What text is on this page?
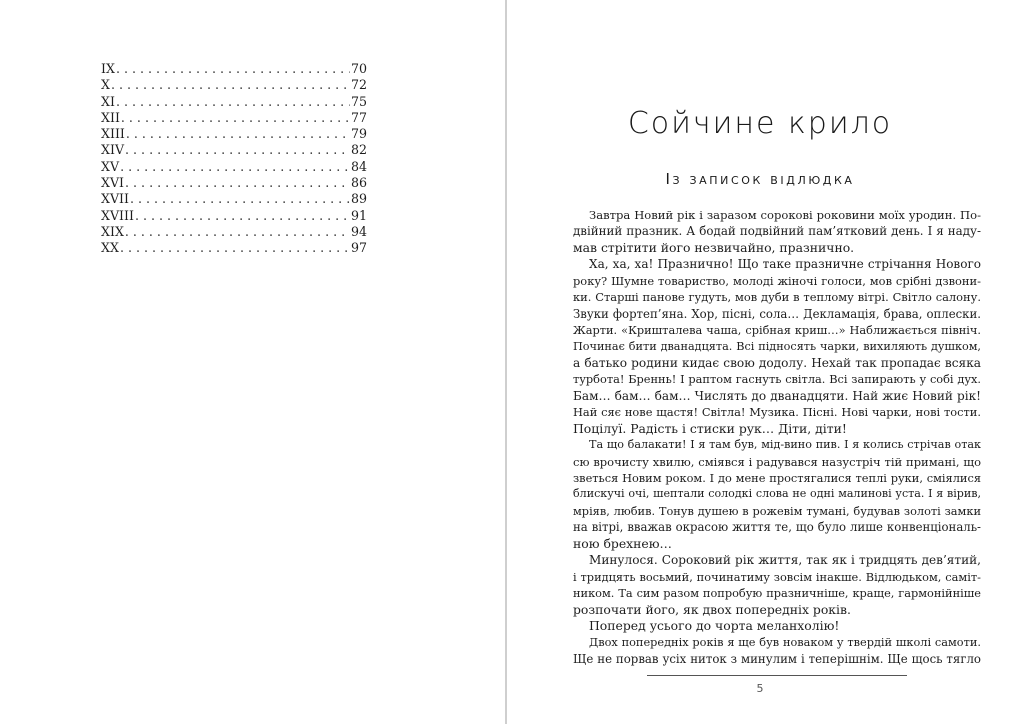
IX . . .	70
X . . .	72
XI . . .	75
XII . . .	77
XIII . . .	79
XIV . . .	82
XV . . .	84
XVI . . .	86
XVII . . .	89
XVIII . . .	91
XIX . . .	94
XX . . .	97
Сойчине крило
Із записок відлюдка
Завтра Новий рік і заразом сорокові роковини моїх уродин. По-
двійний празник. А бодай подвійний пам’ятковий день. І я наду-
мав стрітити його незвичайно, празнично.
Ха, ха, ха! Празнично! Що таке празничне стрічання Нового
року? Шумне товариство, молоді жіночі голоси, мов срібні дзвони-
ки. Старші панове гудуть, мов дуби в теплому вітрі. Світло салону.
Звуки фортеп’яна. Хор, пісні, сола… Декламація, брава, оплески.
Жарти. «Кришталева чаша, срібная криш…» Наближається північ.
Починає бити дванадцята. Всі підносять чарки, вихиляють душком,
а батько родини кидає свою додолу. Нехай так пропадає всяка
турбота! Бреннь! І раптом гаснуть світла. Всі запирають у собі дух.
Бам… бам… бам… Числять до дванадцяти. Най жиє Новий рік!
Най сяє нове щастя! Світла! Музика. Пісні. Нові чарки, нові тости.
Поцілуї. Радість і стиски рук… Діти, діти!
Та що балакати! І я там був, мід-вино пив. І я колись стрічав отак
сю врочисту хвилю, сміявся і радувався назустріч тій примані, що
зветься Новим роком. І до мене простягалися теплі руки, сміялися
блискучі очі, шептали солодкі слова не одні малинові уста. І я вірив,
мріяв, любив. Тонув душею в рожевім тумані, будував золоті замки
на вітрі, вважав окрасою життя те, що було лише конвенціональ-
ною брехнею…
Минулося. Сороковий рік життя, так як і тридцять дев’ятий,
і тридцять восьмий, починатиму зовсім інакше. Відлюдьком, саміт-
ником. Та сим разом попробую празничніше, краще, гармонійніше
розпочати його, як двох попередніх років.
Поперед усього до чорта меланхолію!
Двох попередніх років я ще був новаком у твердій школі самоти.
Ще не порвав усіх ниток з минулим і теперішнім. Ще щось тягло
5
